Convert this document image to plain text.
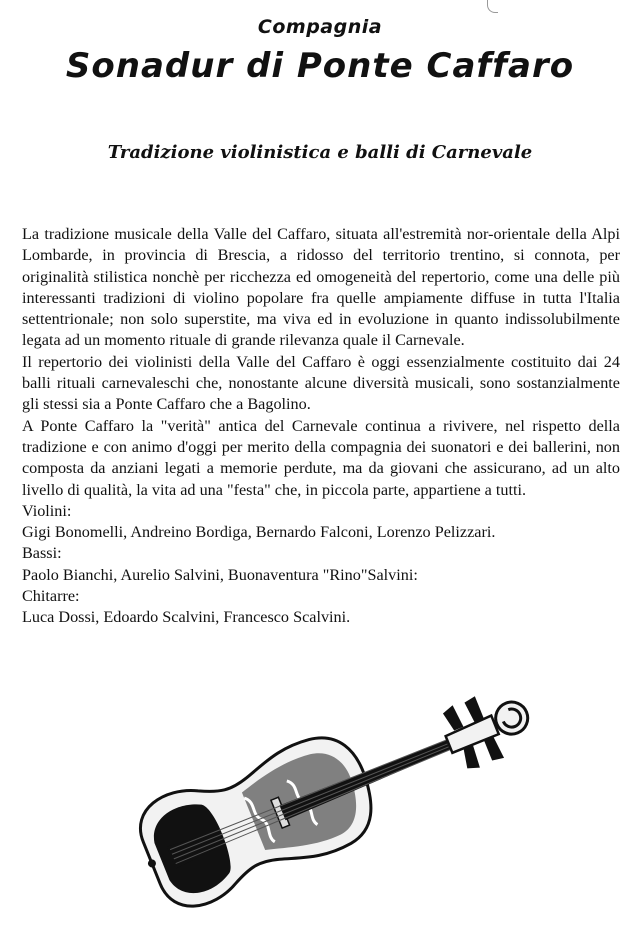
Compagnia
Sonadur di Ponte Caffaro
Tradizione violinistica e balli di Carnevale

La tradizione musicale della Valle del Caffaro, situata all'estremità nor-orientale della Alpi Lombarde, in provincia di Brescia, a ridosso del territorio trentino, si connota, per originalità stilistica nonchè per ricchezza ed omogeneità del repertorio, come una delle più interessanti tradizioni di violino popolare fra quelle ampiamente diffuse in tutta l'Italia settentrionale; non solo superstite, ma viva ed in evoluzione in quanto indissolubilmente legata ad un momento rituale di grande rilevanza quale il Carnevale.

Il repertorio dei violinisti della Valle del Caffaro è oggi essenzialmente costituito dai 24 balli rituali carnevaleschi che, nonostante alcune diversità musicali, sono sostanzialmente gli stessi sia a Ponte Caffaro che a Bagolino.

A Ponte Caffaro la "verità" antica del Carnevale continua a rivivere, nel rispetto della tradizione e con animo d'oggi per merito della compagnia dei suonatori e dei ballerini, non composta da anziani legati a memorie perdute, ma da giovani che assicurano, ad un alto livello di qualità, la vita ad una "festa" che, in piccola parte, appartiene a tutti.

Violini:
Gigi Bonomelli, Andreino Bordiga, Bernardo Falconi, Lorenzo Pelizzari.
Bassi:
Paolo Bianchi, Aurelio Salvini, Buonaventura "Rino"Salvini:
Chitarre:
Luca Dossi, Edoardo Scalvini, Francesco Scalvini.
